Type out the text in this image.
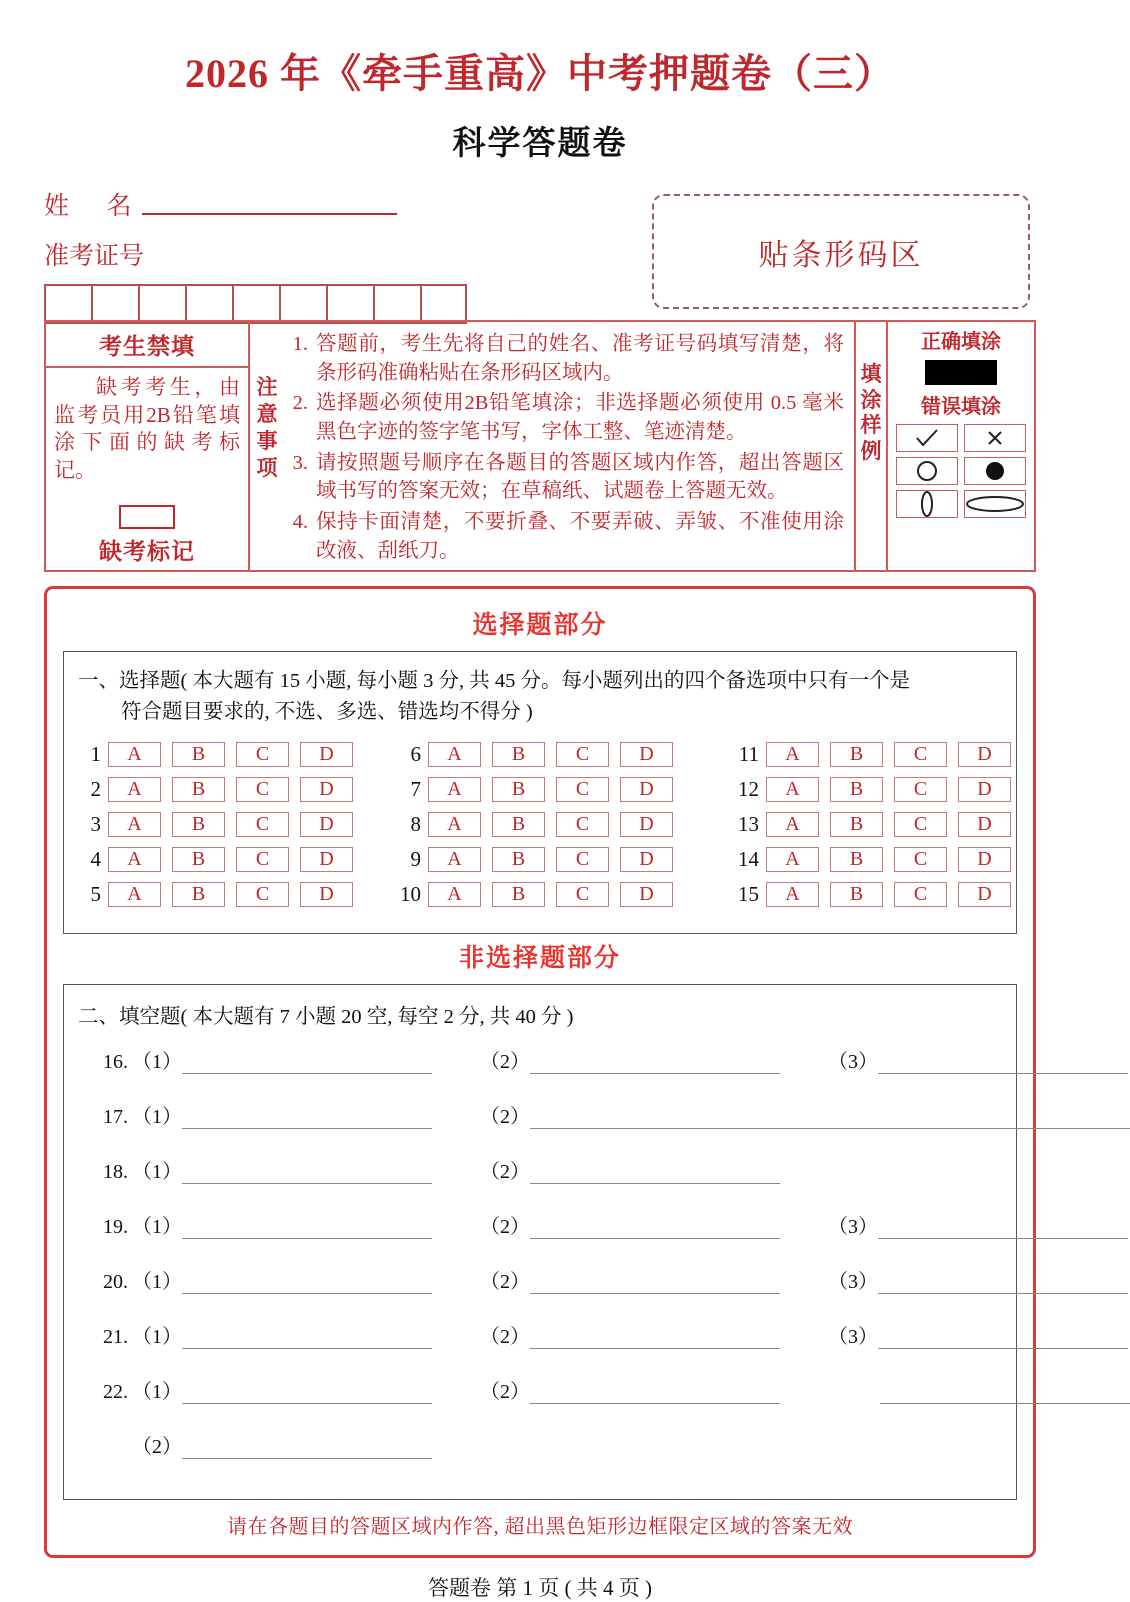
2026 年《牵手重高》中考押题卷（三）
科学答题卷
姓      名
准考证号	贴条形码区
考生禁填
缺考考生，由监考员用2B铅笔填涂下面的缺考标记。
缺考标记
注意事项
1. 答题前，考生先将自己的姓名、准考证号码填写清楚，将条形码准确粘贴在条形码区域内。
2. 选择题必须使用2B铅笔填涂；非选择题必须使用 0.5 毫米黑色字迹的签字笔书写，字体工整、笔迹清楚。
3. 请按照题号顺序在各题目的答题区域内作答，超出答题区域书写的答案无效；在草稿纸、试题卷上答题无效。
4. 保持卡面清楚，不要折叠、不要弄破、弄皱、不准使用涂改液、刮纸刀。
填涂样例
正确填涂
错误填涂
选择题部分
一、选择题( 本大题有 15 小题, 每小题 3 分, 共 45 分。每小题列出的四个备选项中只有一个是
符合题目要求的, 不选、多选、错选均不得分 )
1	A	B	C	D
2	A	B	C	D
3	A	B	C	D
4	A	B	C	D
5	A	B	C	D
6	A	B	C	D
7	A	B	C	D
8	A	B	C	D
9	A	B	C	D
10	A	B	C	D
11	A	B	C	D
12	A	B	C	D
13	A	B	C	D
14	A	B	C	D
15	A	B	C	D
非选择题部分
二、填空题( 本大题有 7 小题 20 空, 每空 2 分, 共 40 分 )
16. （1）	（2）	（3）
17. （1）	（2）
18. （1）	（2）
19. （1）	（2）	（3）
20. （1）	（2）	（3）
21. （1）	（2）	（3）
22. （1）	（2）
（2）
请在各题目的答题区域内作答, 超出黑色矩形边框限定区域的答案无效
答题卷 第 1 页 ( 共 4 页 )
